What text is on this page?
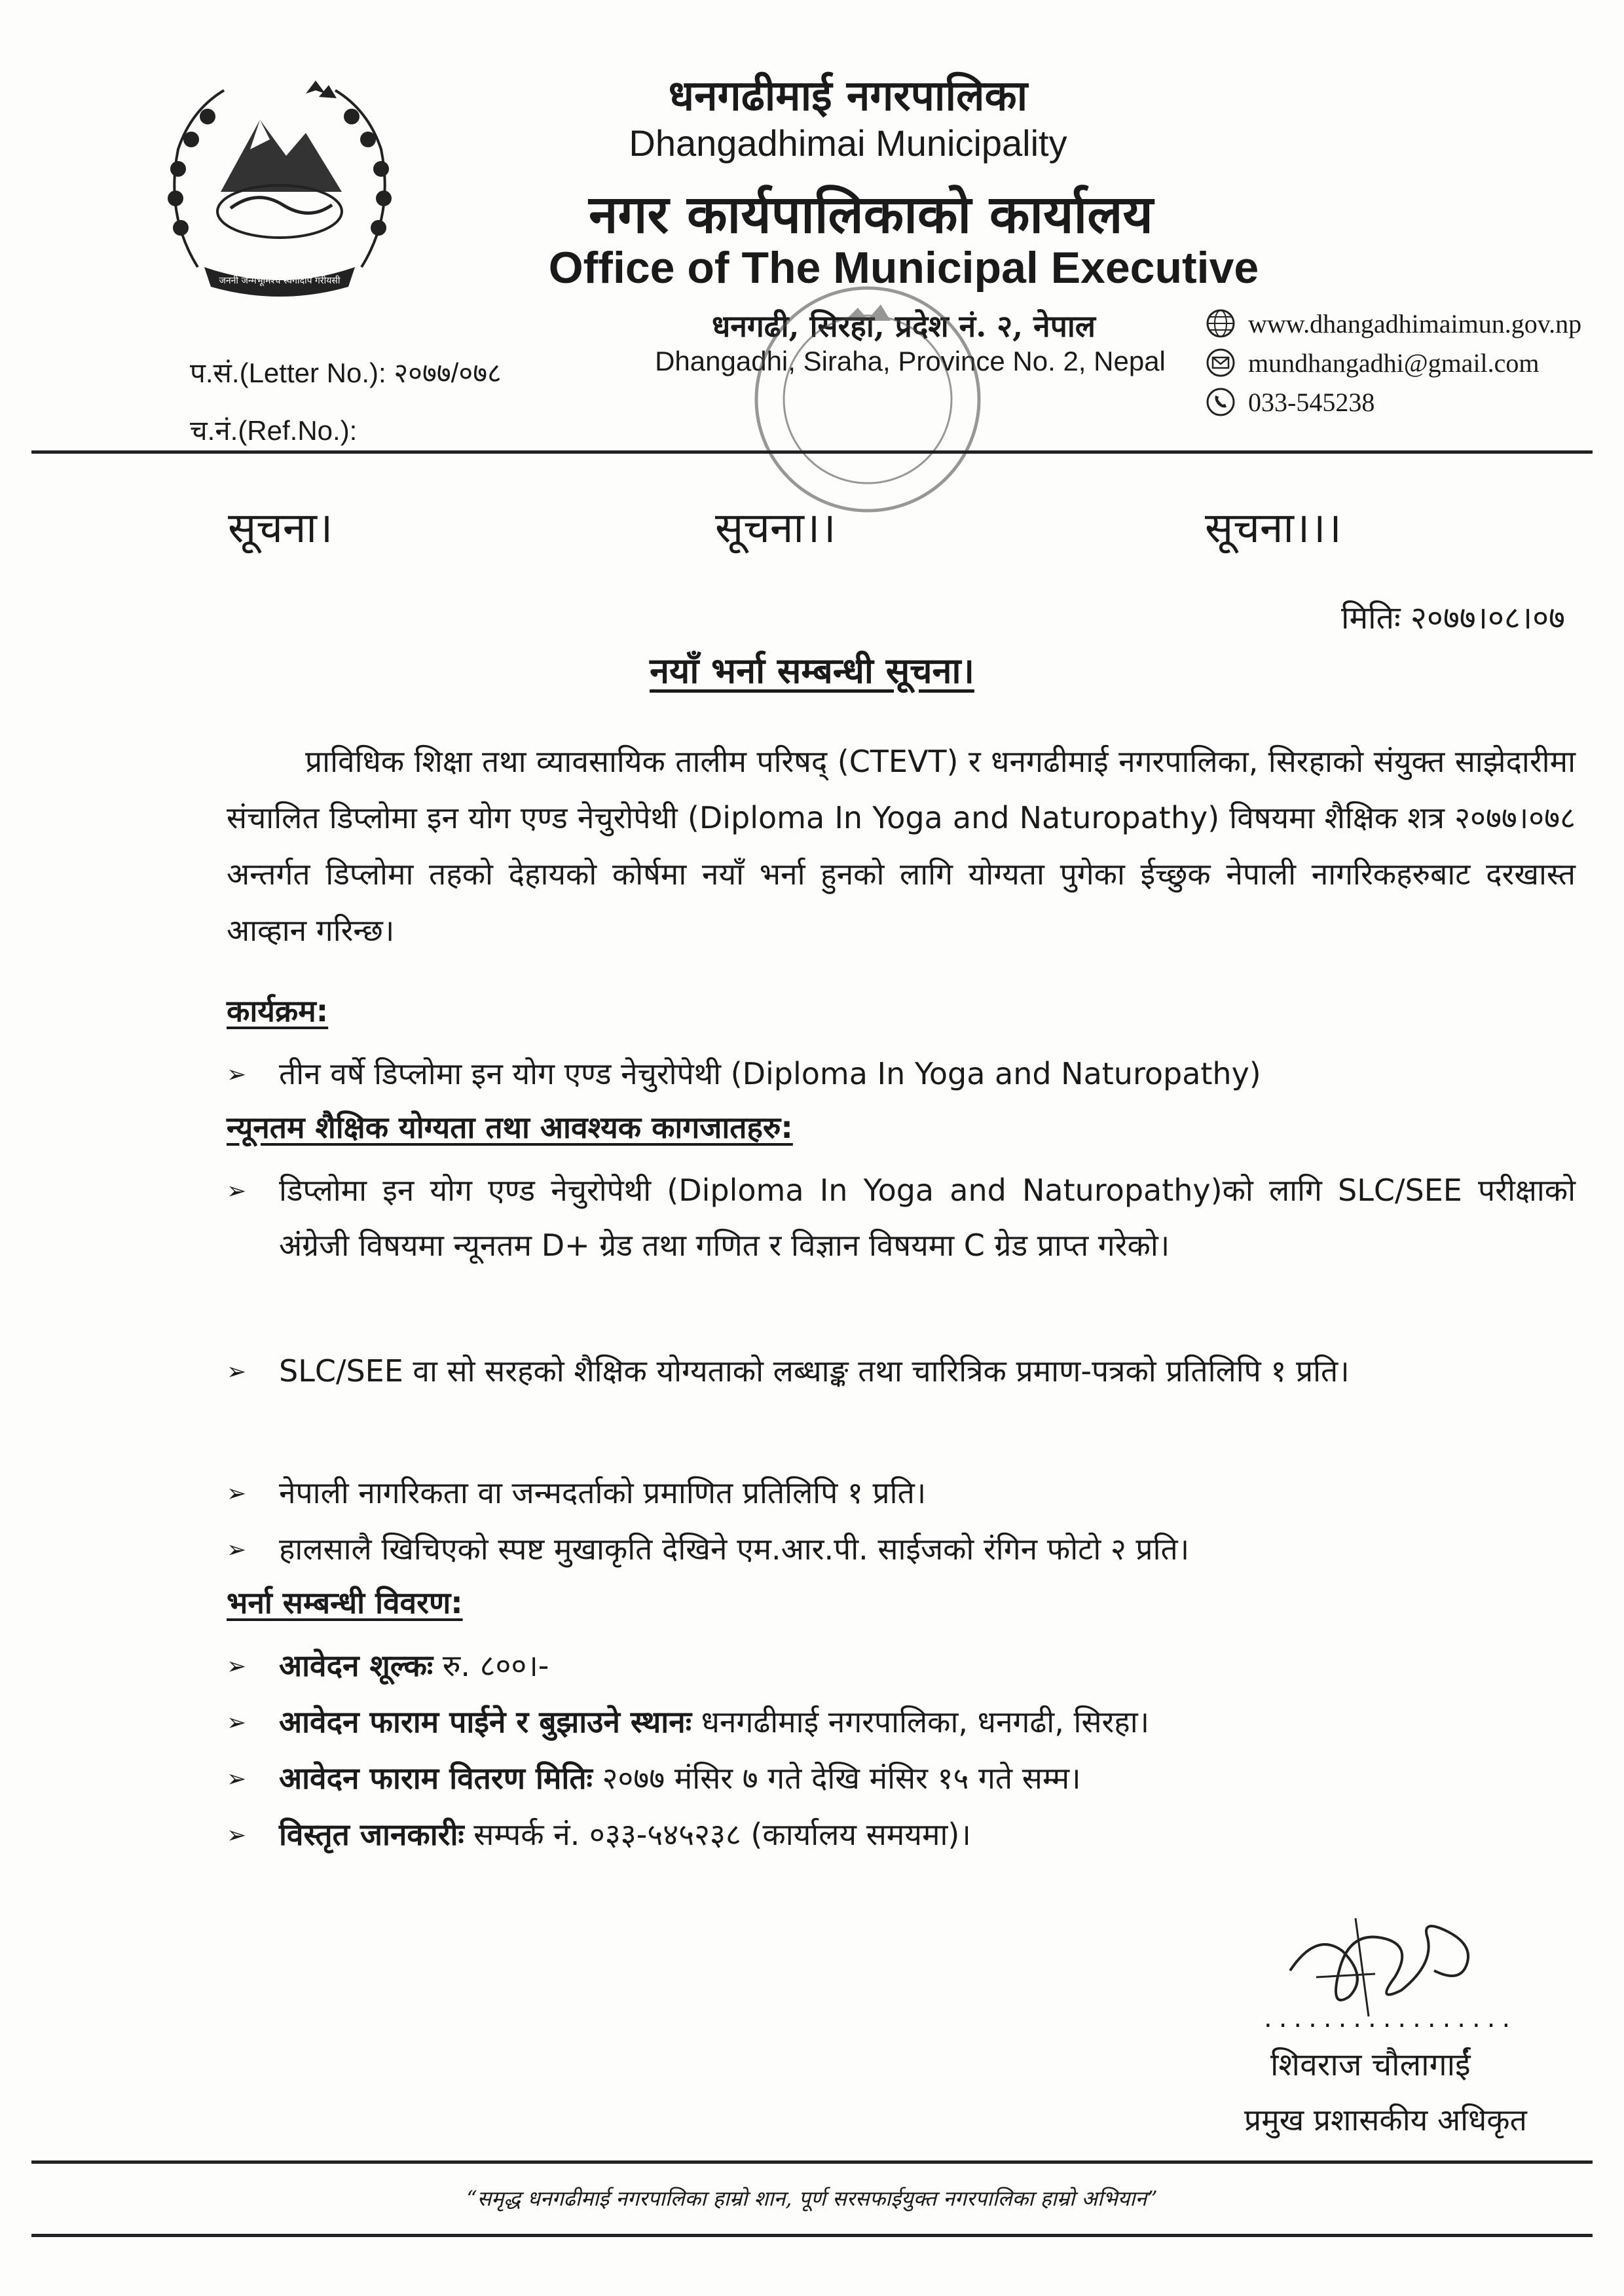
जननी जन्मभूमिश्च स्वर्गादपि गरीयसी
धनगढीमाई नगरपालिका
Dhangadhimai Municipality
नगर कार्यपालिकाको कार्यालय
Office of The Municipal Executive
धनगढी, सिरहा, प्रदेश नं. २, नेपाल
Dhangadhi, Siraha, Province No. 2, Nepal
प.सं.(Letter No.): २०७७/०७८
च.नं.(Ref.No.):
www.dhangadhimaimun.gov.np
mundhangadhi@gmail.com
033-545238
सूचना।	सूचना।।	सूचना।।।
मितिः २०७७।०८।०७
नयाँ भर्ना सम्बन्धी सूचना।

प्राविधिक शिक्षा तथा व्यावसायिक तालीम परिषद् (CTEVT) र धनगढीमाई नगरपालिका, सिरहाको संयुक्त साझेदारीमा संचालित डिप्लोमा इन योग एण्ड नेचुरोपेथी (Diploma In Yoga and Naturopathy) विषयमा शैक्षिक शत्र २०७७।०७८ अन्तर्गत डिप्लोमा तहको देहायको कोर्षमा नयाँ भर्ना हुनको लागि योग्यता पुगेका ईच्छुक नेपाली नागरिकहरुबाट दरखास्त आव्हान गरिन्छ।

कार्यक्रम:
➢	तीन वर्षे डिप्लोमा इन योग एण्ड नेचुरोपेथी (Diploma In Yoga and Naturopathy)
न्यूनतम शैक्षिक योग्यता तथा आवश्यक कागजातहरु:
➢	डिप्लोमा इन योग एण्ड नेचुरोपेथी (Diploma In Yoga and Naturopathy)को लागि SLC/SEE परीक्षाको अंग्रेजी विषयमा न्यूनतम D+ ग्रेड तथा गणित र विज्ञान विषयमा C ग्रेड प्राप्त गरेको।
➢	SLC/SEE वा सो सरहको शैक्षिक योग्यताको लब्धाङ्क तथा चारित्रिक प्रमाण-पत्रको प्रतिलिपि १ प्रति।
➢	नेपाली नागरिकता वा जन्मदर्ताको प्रमाणित प्रतिलिपि १ प्रति।
➢	हालसालै खिचिएको स्पष्ट मुखाकृति देखिने एम.आर.पी. साईजको रंगिन फोटो २ प्रति।
भर्ना सम्बन्धी विवरण:
➢	आवेदन शूल्कः रु. ८००।-
➢	आवेदन फाराम पाईने र बुझाउने स्थानः धनगढीमाई नगरपालिका, धनगढी, सिरहा।
➢	आवेदन फाराम वितरण मितिः २०७७ मंसिर ७ गते देखि मंसिर १५ गते सम्म।
➢	विस्तृत जानकारीः सम्पर्क नं. ०३३-५४५२३८ (कार्यालय समयमा)।
.................
शिवराज चौलागाईं
प्रमुख प्रशासकीय अधिकृत
“समृद्ध धनगढीमाई नगरपालिका हाम्रो शान, पूर्ण सरसफाईयुक्त नगरपालिका हाम्रो अभियान”
